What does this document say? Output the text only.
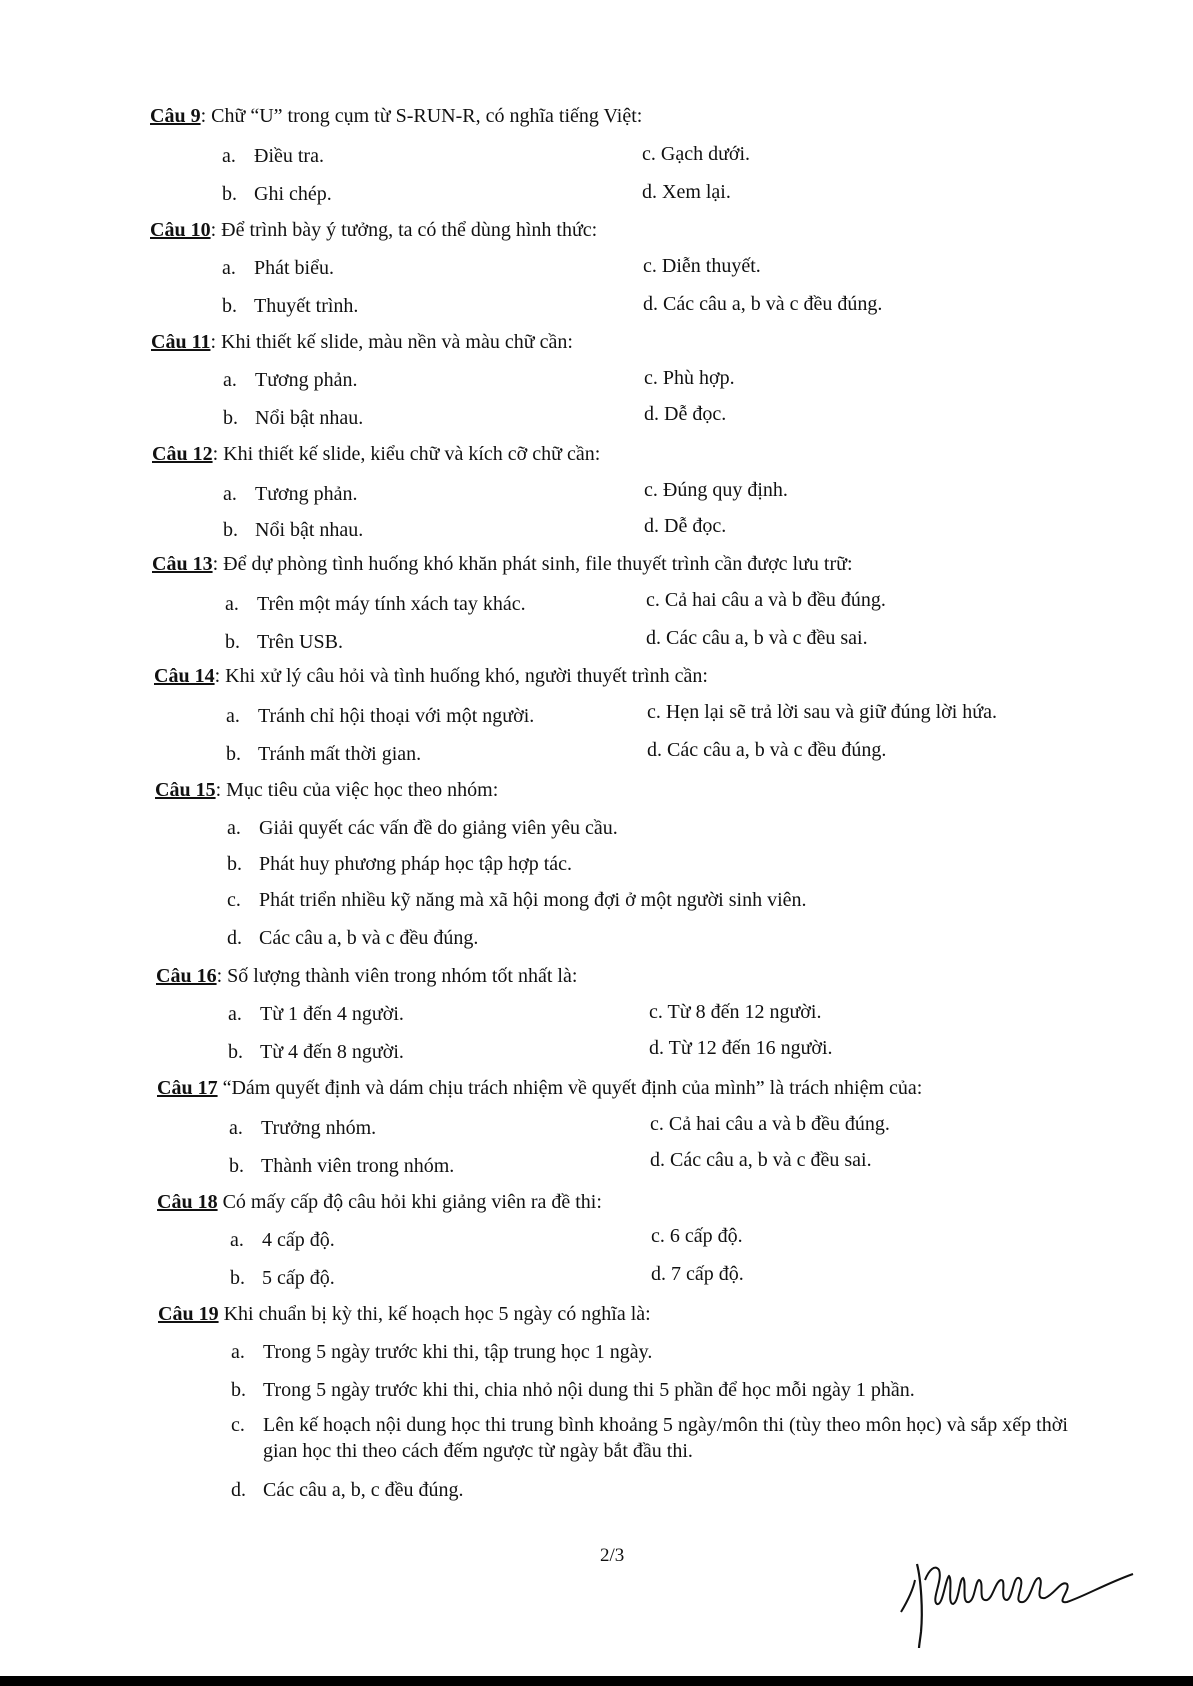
Câu 9: Chữ “U” trong cụm từ S-RUN-R, có nghĩa tiếng Việt:
a. Điều tra.
b. Ghi chép.
c. Gạch dưới.
d. Xem lại.
Câu 10: Để trình bày ý tưởng, ta có thể dùng hình thức:
a. Phát biểu.
b. Thuyết trình.
c. Diễn thuyết.
d. Các câu a, b và c đều đúng.
Câu 11: Khi thiết kế slide, màu nền và màu chữ cần:
a. Tương phản.
b. Nổi bật nhau.
c. Phù hợp.
d. Dễ đọc.
Câu 12: Khi thiết kế slide, kiểu chữ và kích cỡ chữ cần:
a. Tương phản.
b. Nổi bật nhau.
c. Đúng quy định.
d. Dễ đọc.
Câu 13: Để dự phòng tình huống khó khăn phát sinh, file thuyết trình cần được lưu trữ:
a. Trên một máy tính xách tay khác.
b. Trên USB.
c. Cả hai câu a và b đều đúng.
d. Các câu a, b và c đều sai.
Câu 14: Khi xử lý câu hỏi và tình huống khó, người thuyết trình cần:
a. Tránh chỉ hội thoại với một người.
b. Tránh mất thời gian.
c. Hẹn lại sẽ trả lời sau và giữ đúng lời hứa.
d. Các câu a, b và c đều đúng.
Câu 15: Mục tiêu của việc học theo nhóm:
a. Giải quyết các vấn đề do giảng viên yêu cầu.
b. Phát huy phương pháp học tập hợp tác.
c. Phát triển nhiều kỹ năng mà xã hội mong đợi ở một người sinh viên.
d. Các câu a, b và c đều đúng.
Câu 16: Số lượng thành viên trong nhóm tốt nhất là:
a. Từ 1 đến 4 người.
b. Từ 4 đến 8 người.
c. Từ 8 đến 12 người.
d. Từ 12 đến 16 người.
Câu 17 “Dám quyết định và dám chịu trách nhiệm về quyết định của mình” là trách nhiệm của:
a. Trưởng nhóm.
b. Thành viên trong nhóm.
c. Cả hai câu a và b đều đúng.
d. Các câu a, b và c đều sai.
Câu 18 Có mấy cấp độ câu hỏi khi giảng viên ra đề thi:
a. 4 cấp độ.
b. 5 cấp độ.
c. 6 cấp độ.
d. 7 cấp độ.
Câu 19 Khi chuẩn bị kỳ thi, kế hoạch học 5 ngày có nghĩa là:
a. Trong 5 ngày trước khi thi, tập trung học 1 ngày.
b. Trong 5 ngày trước khi thi, chia nhỏ nội dung thi 5 phần để học mỗi ngày 1 phần.
c. Lên kế hoạch nội dung học thi trung bình khoảng 5 ngày/môn thi (tùy theo môn học) và sắp xếp thời gian học thi theo cách đếm ngược từ ngày bắt đầu thi.
d. Các câu a, b, c đều đúng.
2/3
